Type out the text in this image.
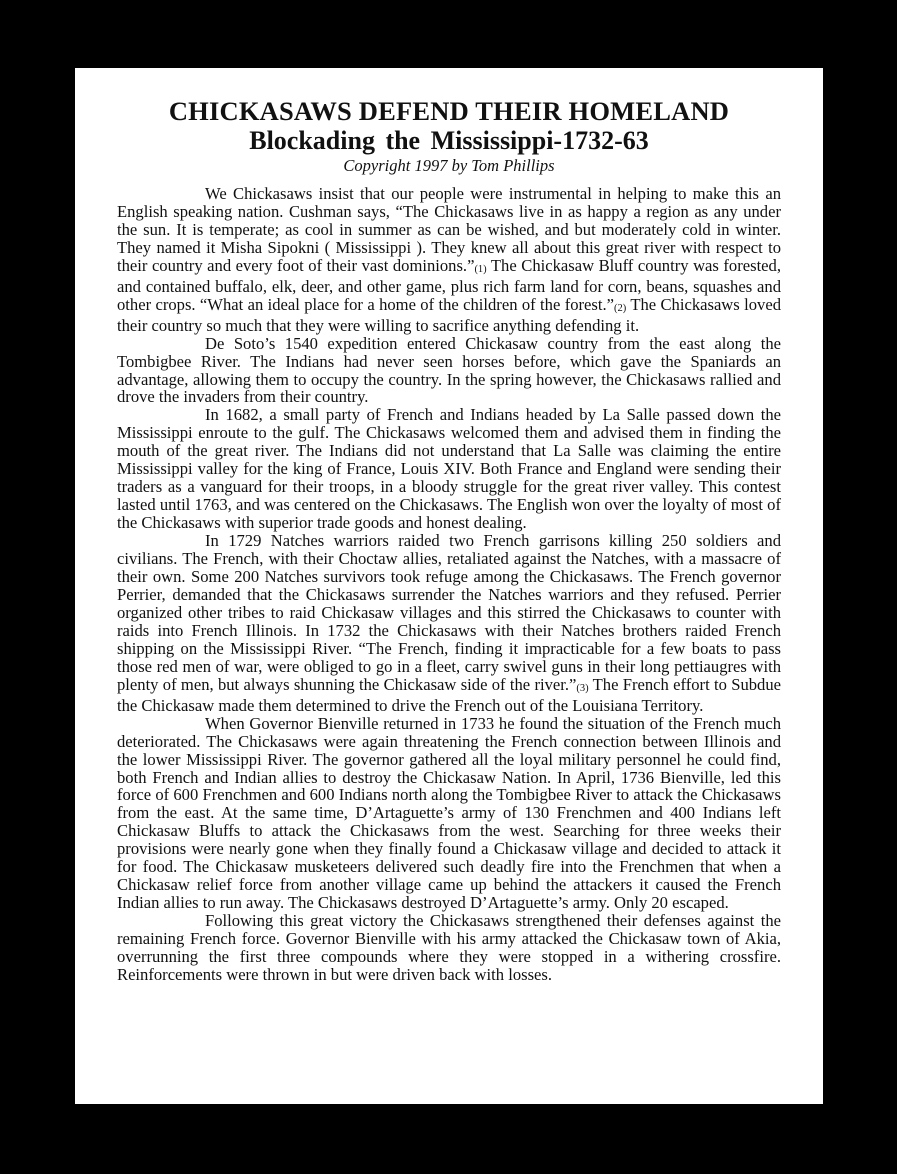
CHICKASAWS DEFEND THEIR HOMELAND
Blockading the Mississippi-1732-63
Copyright 1997 by Tom Phillips

We Chickasaws insist that our people were instrumental in helping to make this an English speaking nation. Cushman says, “The Chickasaws live in as happy a region as any under the sun. It is temperate; as cool in summer as can be wished, and but moderately cold in winter. They named it Misha Sipokni ( Mississippi ). They knew all about this great river with respect to their country and every foot of their vast $dominions.”_{(1)}$ The Chickasaw Bluff country was forested, and contained buffalo, elk, deer, and other game, plus rich farm land for corn, beans, squashes and other crops. “What an ideal place for a home of the children of the $forest.”_{(2)}$ The Chickasaws loved their country so much that they were willing to sacrifice anything defending it.

De Soto’s 1540 expedition entered Chickasaw country from the east along the Tombigbee River. The Indians had never seen horses before, which gave the Spaniards an advantage, allowing them to occupy the country. In the spring however, the Chickasaws rallied and drove the invaders from their country.

In 1682, a small party of French and Indians headed by La Salle passed down the Mississippi enroute to the gulf. The Chickasaws welcomed them and advised them in finding the mouth of the great river. The Indians did not understand that La Salle was claiming the entire Mississippi valley for the king of France, Louis XIV. Both France and England were sending their traders as a vanguard for their troops, in a bloody struggle for the great river valley. This contest lasted until 1763, and was centered on the Chickasaws. The English won over the loyalty of most of the Chickasaws with superior trade goods and honest dealing.

In 1729 Natches warriors raided two French garrisons killing 250 soldiers and civilians. The French, with their Choctaw allies, retaliated against the Natches, with a massacre of their own. Some 200 Natches survivors took refuge among the Chickasaws. The French governor Perrier, demanded that the Chickasaws surrender the Natches warriors and they refused. Perrier organized other tribes to raid Chickasaw villages and this stirred the Chickasaws to counter with raids into French Illinois. In 1732 the Chickasaws with their Natches brothers raided French shipping on the Mississippi River. “The French, finding it impracticable for a few boats to pass those red men of war, were obliged to go in a fleet, carry swivel guns in their long pettiaugres with plenty of men, but always shunning the Chickasaw side of the $river.”_{(3)}$ The French effort to Subdue the Chickasaw made them determined to drive the French out of the Louisiana Territory.

When Governor Bienville returned in 1733 he found the situation of the French much deteriorated. The Chickasaws were again threatening the French connection between Illinois and the lower Mississippi River. The governor gathered all the loyal military personnel he could find, both French and Indian allies to destroy the Chickasaw Nation. In April, 1736 Bienville, led this force of 600 Frenchmen and 600 Indians north along the Tombigbee River to attack the Chickasaws from the east. At the same time, D’Artaguette’s army of 130 Frenchmen and 400 Indians left Chickasaw Bluffs to attack the Chickasaws from the west. Searching for three weeks their provisions were nearly gone when they finally found a Chickasaw village and decided to attack it for food. The Chickasaw musketeers delivered such deadly fire into the Frenchmen that when a Chickasaw relief force from another village came up behind the attackers it caused the French Indian allies to run away. The Chickasaws destroyed D’Artaguette’s army. Only 20 escaped.

Following this great victory the Chickasaws strengthened their defenses against the remaining French force. Governor Bienville with his army attacked the Chickasaw town of Akia, overrunning the first three compounds where they were stopped in a withering crossfire. Reinforcements were thrown in but were driven back with losses.
